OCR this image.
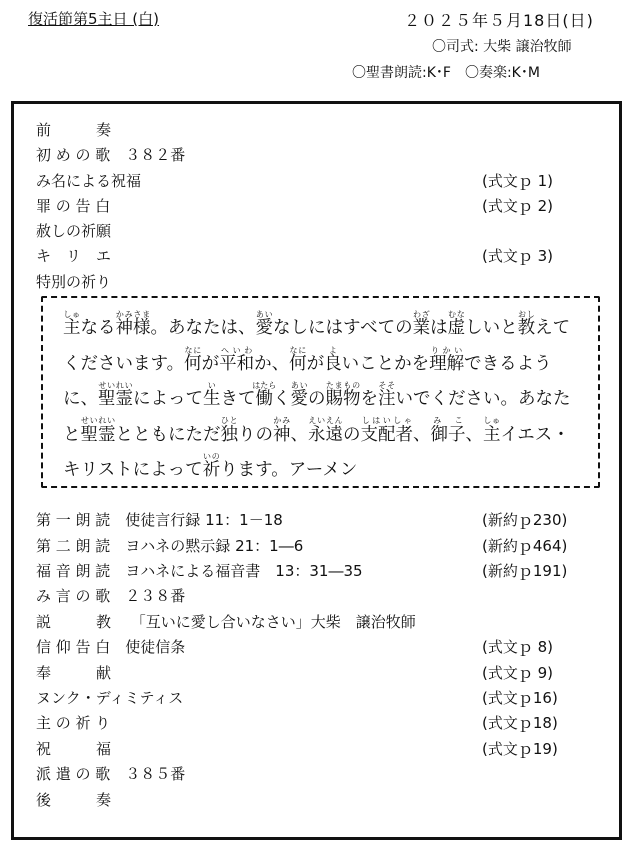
復活節第5主日 (白)	２０２５年５月18日(日)
〇司式: 大柴 譲治牧師
〇聖書朗読:K･F 〇奏楽:K･M
前　　　奏
初 め の 歌　３８２番
み名による祝福	(式文ｐ 1)
罪 の 告 白	(式文ｐ 2)
赦しの祈願
キ　リ　エ	(式文ｐ 3)
特別の祈り
主しゅなる神様かみさま。あなたは、愛あいなしにはすべての業わざは虚むなしいと教おしえてくださいます。何なにが平和へいわか、何なにが良よいことかを理解りかいできるように、聖霊せいれいによって生いきて働はたらく愛あいの賜物たまものを注そそいでください。あなたと聖霊せいれいとともにただ独ひとりの神かみ、永遠えいえんの支配者しはいしゃ、御子み こ、主しゅイエス・キリストによって祈いのります。アーメン
第 一 朗 読　使徒言行録 11：1－18	(新約ｐ230)
第 二 朗 読　ヨハネの黙示録 21：1―6	(新約ｐ464)
福 音 朗 読　ヨハネによる福音書　13：31―35	(新約ｐ191)
み 言 の 歌　２３８番
説　　　教　 「互いに愛し合いなさい」大柴　譲治牧師
信 仰 告 白　使徒信条	(式文ｐ 8)
奉　　　献	(式文ｐ 9)
ヌンク・ディミティス	(式文ｐ16)
主 の 祈 り	(式文ｐ18)
祝　　　福	(式文ｐ19)
派 遣 の 歌　３８５番
後　　　奏
